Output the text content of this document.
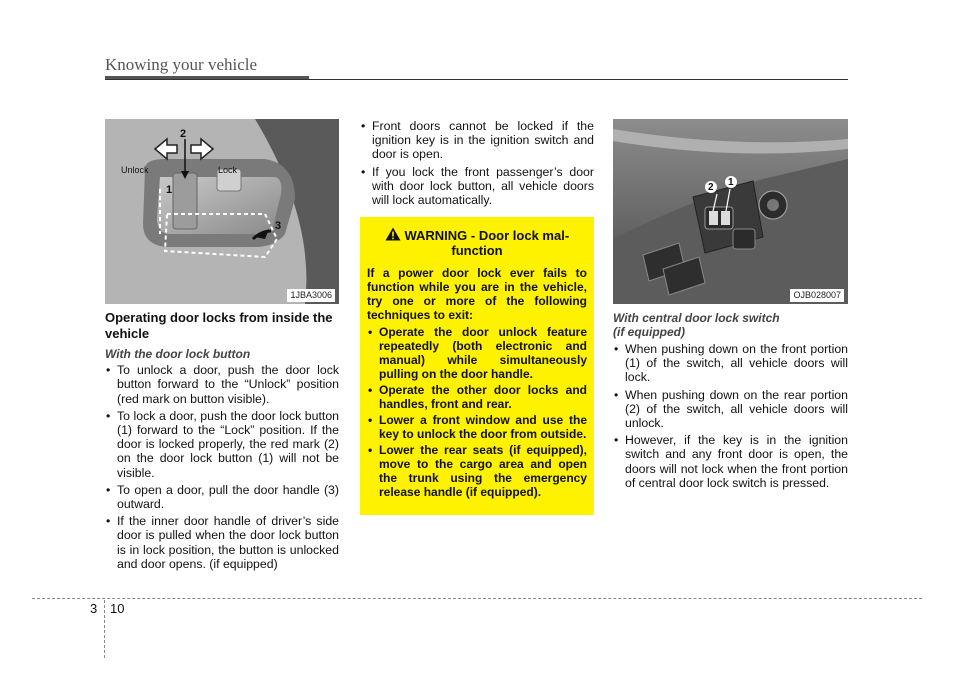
Knowing your vehicle
Unlock	Lock
2
1
3
1JBA3006
Operating door locks from inside the vehicle
With the door lock button
• To unlock a door, push the door lock button forward to the “Unlock” position (red mark on button visible).
• To lock a door, push the door lock button (1) forward to the “Lock” position. If the door is locked properly, the red mark (2) on the door lock button (1) will not be visible.
• To open a door, pull the door handle (3) outward.
• If the inner door handle of driver’s side door is pulled when the door lock button is in lock position, the button is unlocked and door opens. (if equipped)
• Front doors cannot be locked if the ignition key is in the ignition switch and door is open.
• If you lock the front passenger’s door with door lock button, all vehicle doors will lock automatically.
WARNING - Door lock mal-function
If a power door lock ever fails to function while you are in the vehicle, try one or more of the following techniques to exit:
• Operate the door unlock feature repeatedly (both electronic and manual) while simultaneously pulling on the door handle.
• Operate the other door locks and handles, front and rear.
• Lower a front window and use the key to unlock the door from outside.
• Lower the rear seats (if equipped), move to the cargo area and open the trunk using the emergency release handle (if equipped).
2 1
OJB028007
With central door lock switch
(if equipped)
• When pushing down on the front portion (1) of the switch, all vehicle doors will lock.
• When pushing down on the rear portion (2) of the switch, all vehicle doors will unlock.
• However, if the key is in the ignition switch and any front door is open, the doors will not lock when the front portion of central door lock switch is pressed.
3 10
